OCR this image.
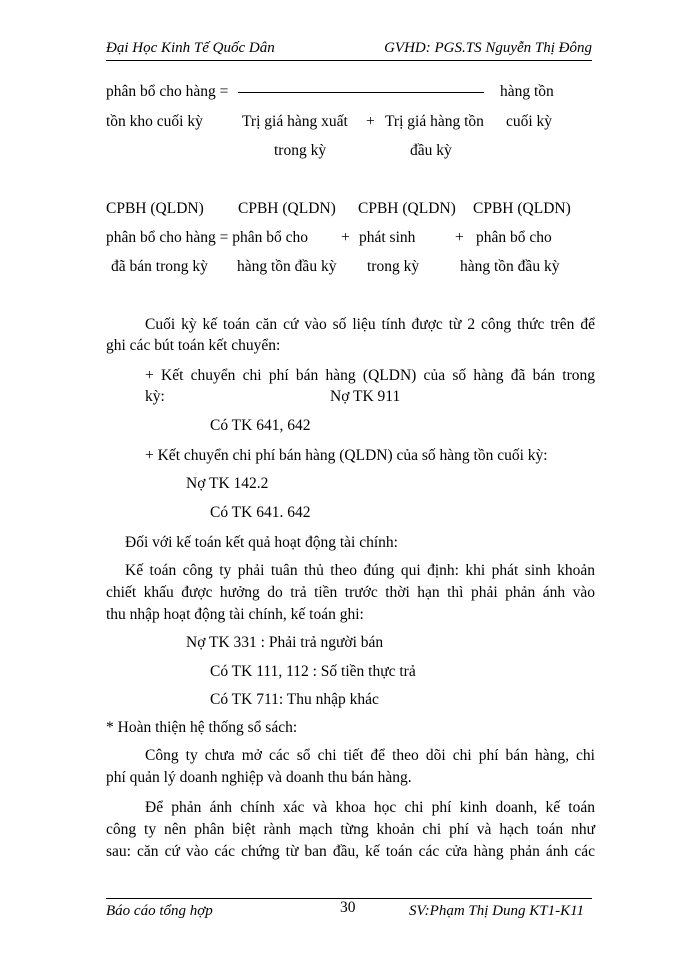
Đại Học Kinh Tế Quốc Dân	GVHD: PGS.TS Nguyễn Thị Đông
phân bổ cho hàng =	hàng tồn
tồn kho cuối kỳ	Trị giá hàng xuất + Trị giá hàng tồn cuối kỳ
trong kỳ	đầu kỳ
CPBH (QLDN) CPBH (QLDN) CPBH (QLDN) CPBH (QLDN)
phân bổ cho hàng = phân bổ cho + phát sinh	+ phân bổ cho
đã bán trong kỳ hàng tồn đầu kỳ trong kỳ	hàng tồn đầu kỳ
Cuối kỳ kế toán căn cứ vào số liệu tính được từ 2 công thức trên để
ghi các bút toán kết chuyển:
+ Kết chuyển chi phí bán hàng (QLDN) của số hàng đã bán trong
kỳ:	Nợ TK 911
Có TK 641, 642
+ Kết chuyển chi phí bán hàng (QLDN) của số hàng tồn cuối kỳ:
Nợ TK 142.2
Có TK 641. 642
Đối với kế toán kết quả hoạt động tài chính:
Kế toán công ty phải tuân thủ theo đúng qui định: khi phát sinh khoản
chiết khấu được hưởng do trả tiền trước thời hạn thì phải phản ánh vào
thu nhập hoạt động tài chính, kế toán ghi:
Nợ TK 331 : Phải trả người bán
Có TK 111, 112 : Số tiền thực trả
Có TK 711: Thu nhập khác
* Hoàn thiện hệ thống sổ sách:
Công ty chưa mở các sổ chi tiết để theo dõi chi phí bán hàng, chi
phí quản lý doanh nghiệp và doanh thu bán hàng.
Để phản ánh chính xác và khoa học chi phí kinh doanh, kế toán
công ty nên phân biệt rành mạch từng khoản chi phí và hạch toán như
sau: căn cứ vào các chứng từ ban đầu, kế toán các cửa hàng phản ánh các
Báo cáo tổng hợp	30	SV:Phạm Thị Dung KT1-K11
